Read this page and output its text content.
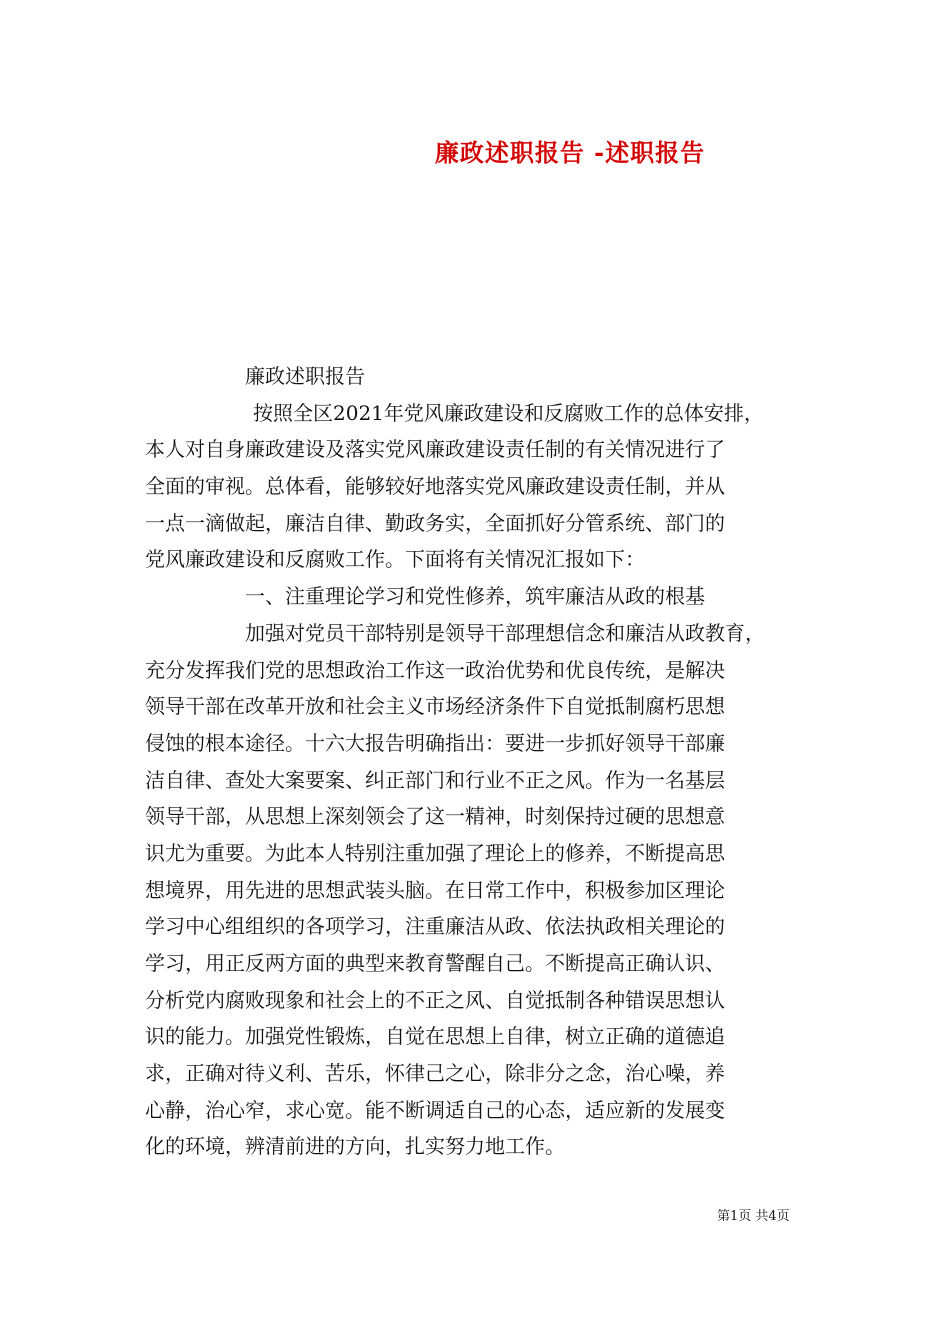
廉政述职报告 -述职报告

廉政述职报告

按照全区2021年党风廉政建设和反腐败工作的总体安排，

本人对自身廉政建设及落实党风廉政建设责任制的有关情况进行了

全面的审视。总体看，能够较好地落实党风廉政建设责任制，并从

一点一滴做起，廉洁自律、勤政务实，全面抓好分管系统、部门的

党风廉政建设和反腐败工作。下面将有关情况汇报如下：

一、注重理论学习和党性修养，筑牢廉洁从政的根基

加强对党员干部特别是领导干部理想信念和廉洁从政教育，

充分发挥我们党的思想政治工作这一政治优势和优良传统，是解决

领导干部在改革开放和社会主义市场经济条件下自觉抵制腐朽思想

侵蚀的根本途径。十六大报告明确指出：要进一步抓好领导干部廉

洁自律、查处大案要案、纠正部门和行业不正之风。作为一名基层

领导干部，从思想上深刻领会了这一精神，时刻保持过硬的思想意

识尤为重要。为此本人特别注重加强了理论上的修养，不断提高思

想境界，用先进的思想武装头脑。在日常工作中，积极参加区理论

学习中心组组织的各项学习，注重廉洁从政、依法执政相关理论的

学习，用正反两方面的典型来教育警醒自己。不断提高正确认识、

分析党内腐败现象和社会上的不正之风、自觉抵制各种错误思想认

识的能力。加强党性锻炼，自觉在思想上自律，树立正确的道德追

求，正确对待义利、苦乐，怀律己之心，除非分之念，治心噪，养

心静，治心窄，求心宽。能不断调适自己的心态，适应新的发展变

化的环境，辨清前进的方向，扎实努力地工作。

第1页 共4页
